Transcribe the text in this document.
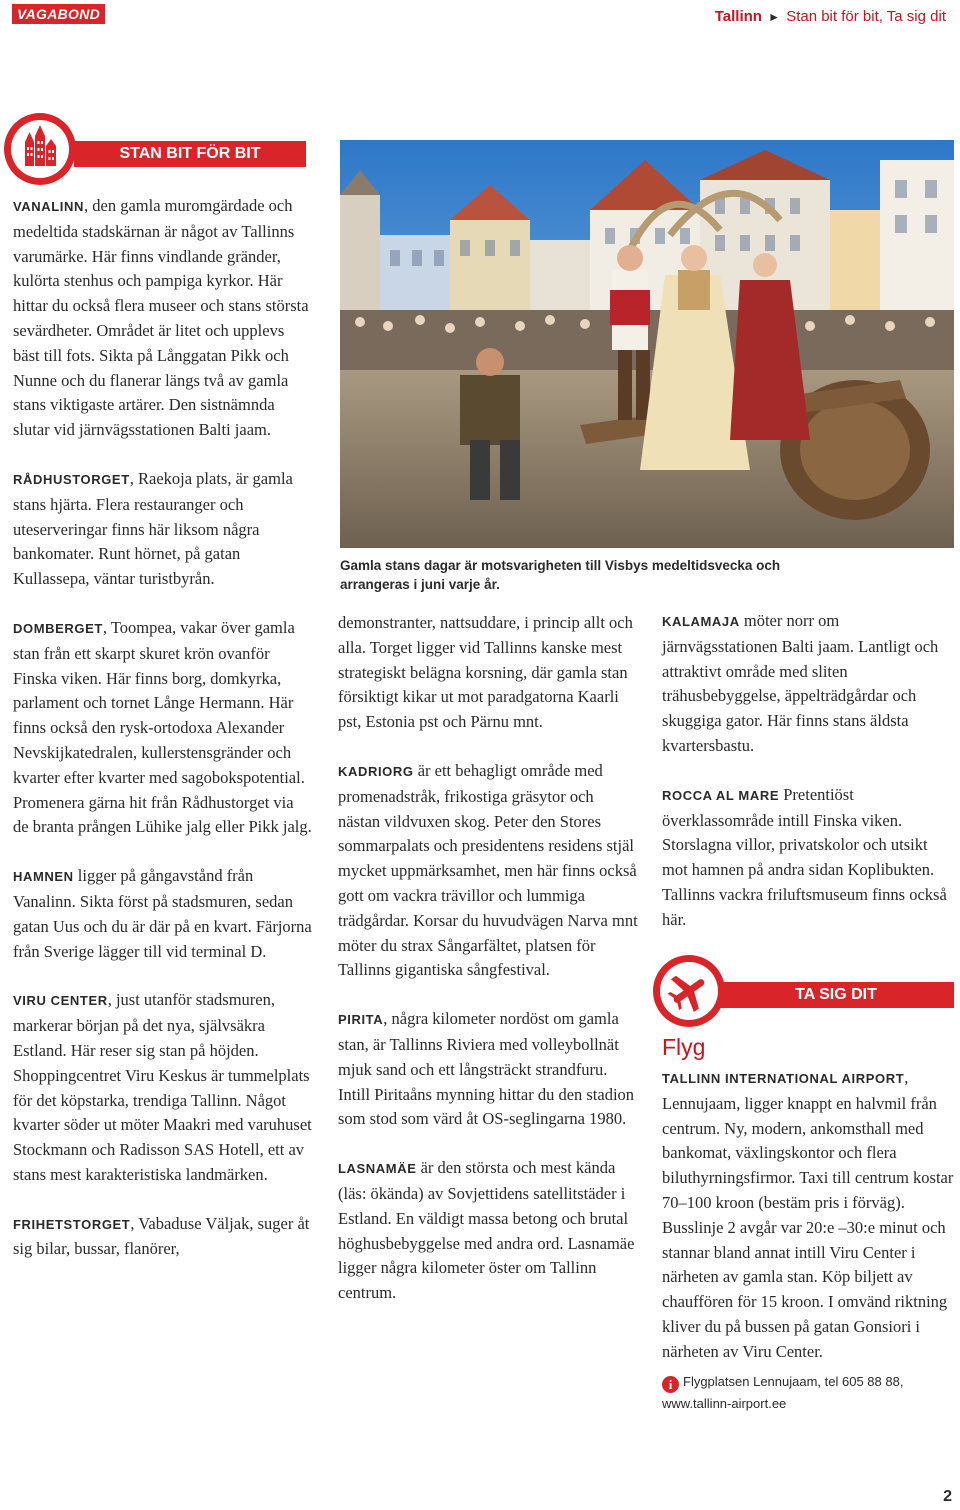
VAGABOND	Tallinn ► Stan bit för bit, Ta sig dit
STAN BIT FÖR BIT

VANALINN, den gamla muromgärdade och medeltida stadskärnan är något av Tallinns varumärke. Här finns vindlande gränder, kulörta stenhus och pampiga kyrkor. Här hittar du också flera museer och stans största sevärdheter. Området är litet och upplevs bäst till fots. Sikta på Långgatan Pikk och Nunne och du flanerar längs två av gamla stans viktigaste artärer. Den sistnämnda slutar vid järnvägsstationen Balti jaam.

RÅDHUSTORGET, Raekoja plats, är gamla stans hjärta. Flera restauranger och uteserveringar finns här liksom några bankomater. Runt hörnet, på gatan Kullassepa, väntar turistbyrån.

DOMBERGET, Toompea, vakar över gamla stan från ett skarpt skuret krön ovanför Finska viken. Här finns borg, domkyrka, parlament och tornet Långe Hermann. Här finns också den rysk-ortodoxa Alexander Nevskijkatedralen, kullerstensgränder och kvarter efter kvarter med sagobokspotential. Promenera gärna hit från Rådhustorget via de branta prången Lühike jalg eller Pikk jalg.

HAMNEN ligger på gångavstånd från Vanalinn. Sikta först på stadsmuren, sedan gatan Uus och du är där på en kvart. Färjorna från Sverige lägger till vid terminal D.

VIRU CENTER, just utanför stadsmuren, markerar början på det nya, självsäkra Estland. Här reser sig stan på höjden. Shoppingcentret Viru Keskus är tummelplats för det köpstarka, trendiga Tallinn. Något kvarter söder ut möter Maakri med varuhuset Stockmann och Radisson SAS Hotell, ett av stans mest karakteristiska landmärken.

FRIHETSTORGET, Vabaduse Väljak, suger åt sig bilar, bussar, flanörer,

Gamla stans dagar är motsvarigheten till Visbys medeltidsvecka och arrangeras i juni varje år.

demonstranter, nattsuddare, i princip allt och alla. Torget ligger vid Tallinns kanske mest strategiskt belägna korsning, där gamla stan försiktigt kikar ut mot paradgatorna Kaarli pst, Estonia pst och Pärnu mnt.

KADRIORG är ett behagligt område med promenadstråk, frikostiga gräsytor och nästan vildvuxen skog. Peter den Stores sommarpalats och presidentens residens stjäl mycket uppmärksamhet, men här finns också gott om vackra trävillor och lummiga trädgårdar. Korsar du huvudvägen Narva mnt möter du strax Sångarfältet, platsen för Tallinns gigantiska sångfestival.

PIRITA, några kilometer nordöst om gamla stan, är Tallinns Riviera med volleybollnät mjuk sand och ett långsträckt strandfuru. Intill Piritaåns mynning hittar du den stadion som stod som värd åt OS-seglingarna 1980.

LASNAMÄE är den största och mest kända (läs: ökända) av Sovjettidens satellitstäder i Estland. En väldigt massa betong och brutal höghusbebyggelse med andra ord. Lasnamäe ligger några kilometer öster om Tallinn centrum.

KALAMAJA möter norr om järnvägsstationen Balti jaam. Lantligt och attraktivt område med sliten trähusbebyggelse, äppelträdgårdar och skuggiga gator. Här finns stans äldsta kvartersbastu.

ROCCA AL MARE Pretentiöst överklassområde intill Finska viken. Storslagna villor, privatskolor och utsikt mot hamnen på andra sidan Koplibukten. Tallinns vackra friluftsmuseum finns också här.

TA SIG DIT
Flyg

TALLINN INTERNATIONAL AIRPORT, Lennujaam, ligger knappt en halvmil från centrum. Ny, modern, ankomsthall med bankomat, växlingskontor och flera biluthyrningsfirmor. Taxi till centrum kostar 70–100 kroon (bestäm pris i förväg). Busslinje 2 avgår var 20:e –30:e minut och stannar bland annat intill Viru Center i närheten av gamla stan. Köp biljett av chauffören för 15 kroon. I omvänd riktning kliver du på bussen på gatan Gonsiori i närheten av Viru Center.

i Flygplatsen Lennujaam, tel 605 88 88,
www.tallinn-airport.ee
2
